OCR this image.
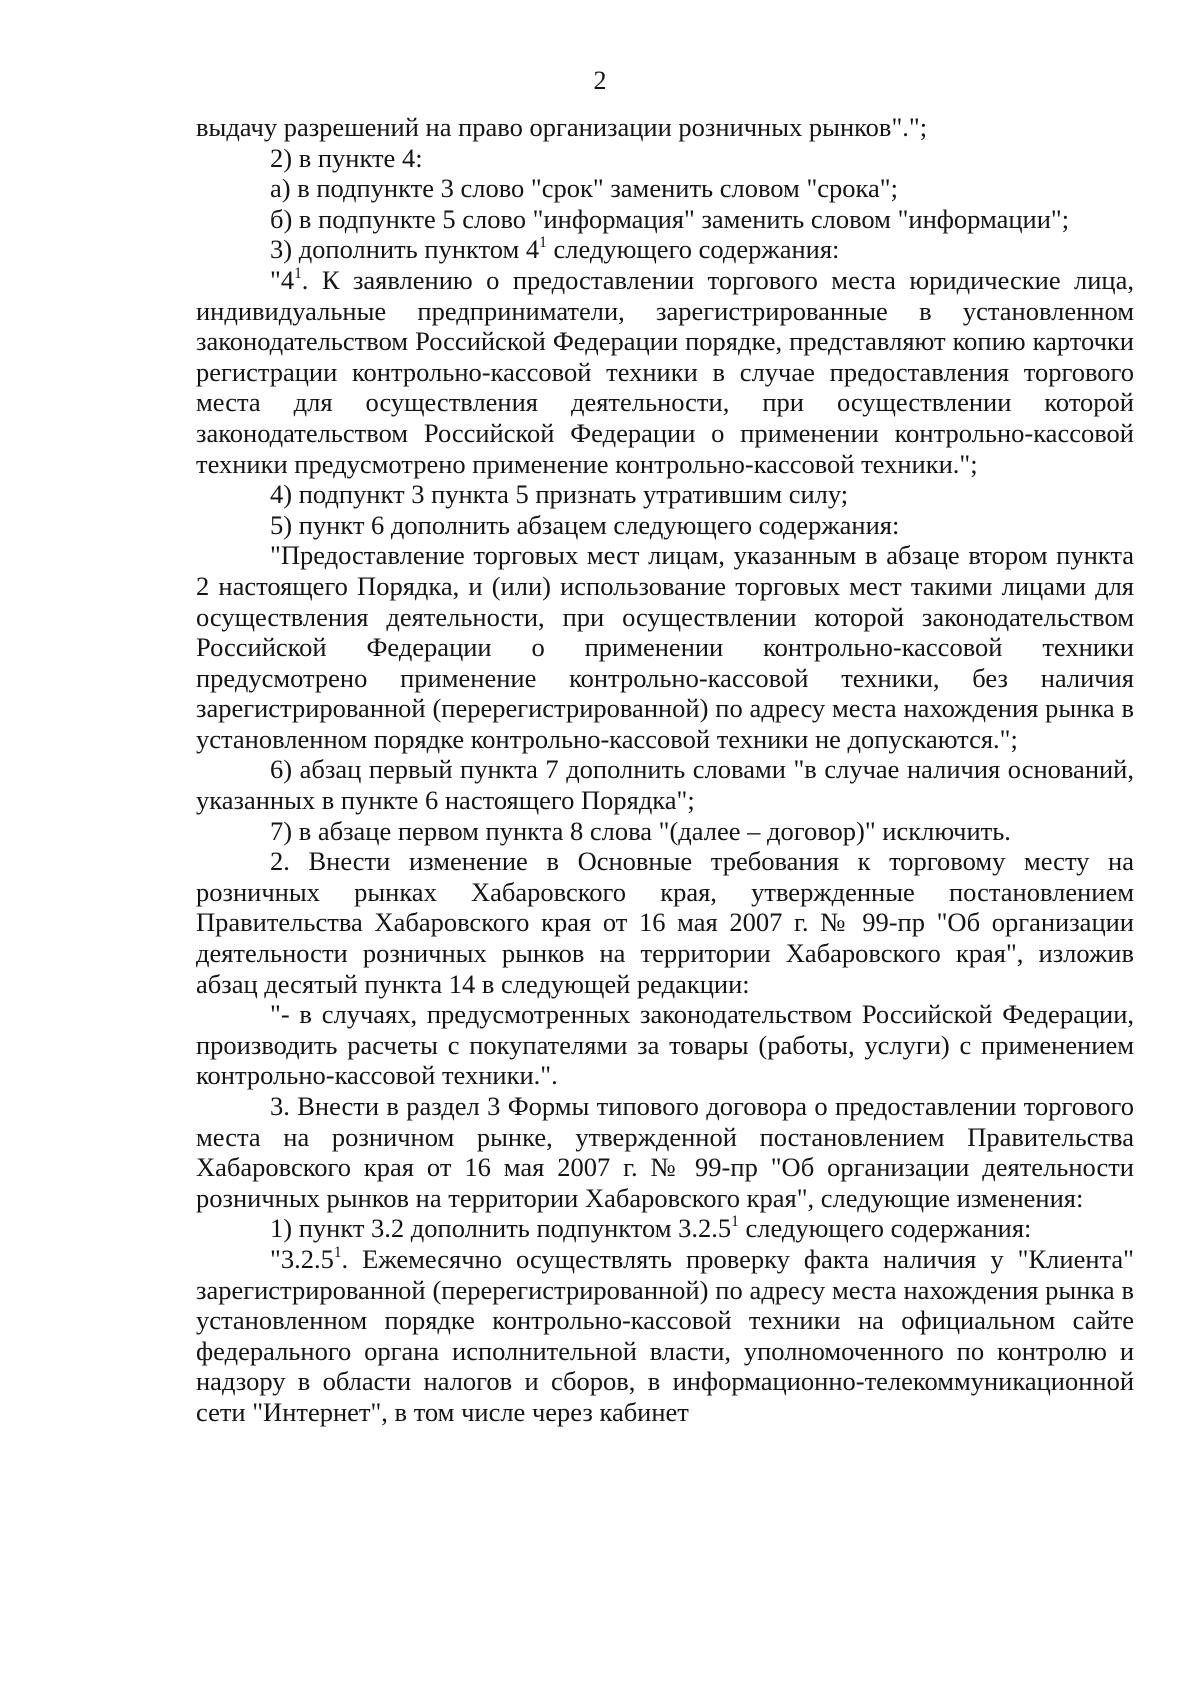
2

выдачу разрешений на право организации розничных рынков".";

2) в пункте 4:

а) в подпункте 3 слово "срок" заменить словом "срока";

б) в подпункте 5 слово "информация" заменить словом "информации";

3) дополнить пунктом $4^1$ следующего содержания:

"$4^1$. К заявлению о предоставлении торгового места юридические лица, индивидуальные предприниматели, зарегистрированные в установленном законодательством Российской Федерации порядке, представляют копию карточки регистрации контрольно-кассовой техники в случае предоставления торгового места для осуществления деятельности, при осуществлении которой законодательством Российской Федерации о применении контрольно-кассовой техники предусмотрено применение контрольно-кассовой техники.";

4) подпункт 3 пункта 5 признать утратившим силу;

5) пункт 6 дополнить абзацем следующего содержания:

"Предоставление торговых мест лицам, указанным в абзаце втором пункта 2 настоящего Порядка, и (или) использование торговых мест такими лицами для осуществления деятельности, при осуществлении которой законодательством Российской Федерации о применении контрольно-кассовой техники предусмотрено применение контрольно-кассовой техники, без наличия зарегистрированной (перерегистрированной) по адресу места нахождения рынка в установленном порядке контрольно-кассовой техники не допускаются.";

6) абзац первый пункта 7 дополнить словами "в случае наличия оснований, указанных в пункте 6 настоящего Порядка";

7) в абзаце первом пункта 8 слова "(далее – договор)" исключить.

2. Внести изменение в Основные требования к торговому месту на розничных рынках Хабаровского края, утвержденные постановлением Правительства Хабаровского края от 16 мая 2007 г. № 99-пр "Об организации деятельности розничных рынков на территории Хабаровского края", изложив абзац десятый пункта 14 в следующей редакции:

"- в случаях, предусмотренных законодательством Российской Федерации, производить расчеты с покупателями за товары (работы, услуги) с применением контрольно-кассовой техники.".

3. Внести в раздел 3 Формы типового договора о предоставлении торгового места на розничном рынке, утвержденной постановлением Правительства Хабаровского края от 16 мая 2007 г. № 99-пр "Об организации деятельности розничных рынков на территории Хабаровского края", следующие изменения:

1) пункт 3.2 дополнить подпунктом 3.2.5$^1$ следующего содержания:

"3.2.5$^1$. Ежемесячно осуществлять проверку факта наличия у "Клиента" зарегистрированной (перерегистрированной) по адресу места нахождения рынка в установленном порядке контрольно-кассовой техники на официальном сайте федерального органа исполнительной власти, уполномоченного по контролю и надзору в области налогов и сборов, в информационно-телекоммуникационной сети "Интернет", в том числе через кабинет
